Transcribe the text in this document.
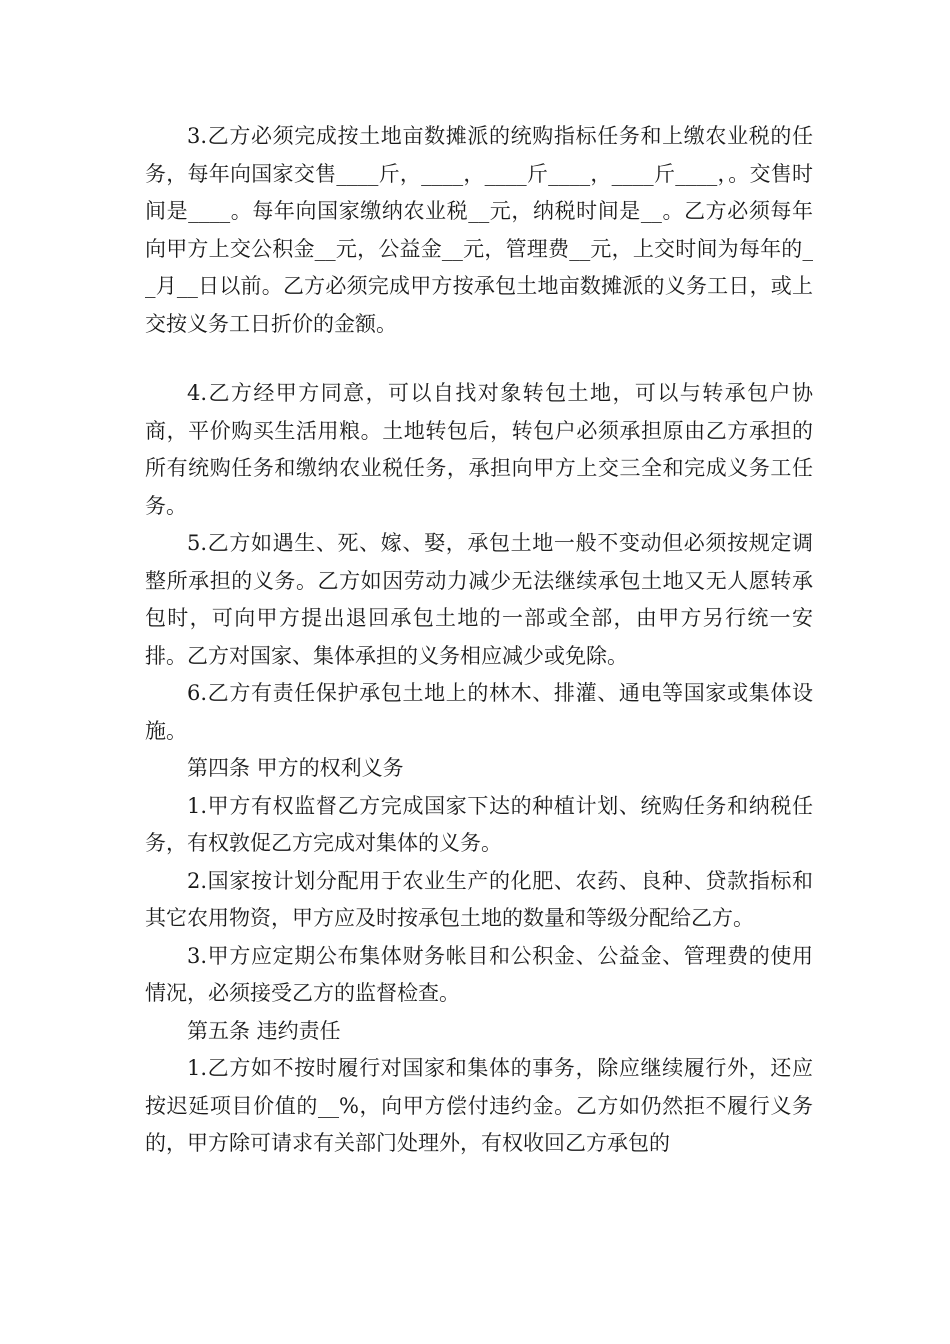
3.乙方必须完成按土地亩数摊派的统购指标任务和上缴农业税的任务，每年向国家交售____斤，____，____斤____，____斤____，。交售时间是____。每年向国家缴纳农业税__元，纳税时间是__。乙方必须每年向甲方上交公积金__元，公益金__元，管理费__元，上交时间为每年的__月__日以前。乙方必须完成甲方按承包土地亩数摊派的义务工日，或上交按义务工日折价的金额。

4.乙方经甲方同意，可以自找对象转包土地，可以与转承包户协商，平价购买生活用粮。土地转包后，转包户必须承担原由乙方承担的所有统购任务和缴纳农业税任务，承担向甲方上交三全和完成义务工任务。

5.乙方如遇生、死、嫁、娶，承包土地一般不变动但必须按规定调整所承担的义务。乙方如因劳动力减少无法继续承包土地又无人愿转承包时，可向甲方提出退回承包土地的一部或全部，由甲方另行统一安排。乙方对国家、集体承担的义务相应减少或免除。

6.乙方有责任保护承包土地上的林木、排灌、通电等国家或集体设施。

第四条 甲方的权利义务

1.甲方有权监督乙方完成国家下达的种植计划、统购任务和纳税任务，有权敦促乙方完成对集体的义务。

2.国家按计划分配用于农业生产的化肥、农药、良种、贷款指标和其它农用物资，甲方应及时按承包土地的数量和等级分配给乙方。

3.甲方应定期公布集体财务帐目和公积金、公益金、管理费的使用情况，必须接受乙方的监督检查。

第五条 违约责任

1.乙方如不按时履行对国家和集体的事务，除应继续履行外，还应按迟延项目价值的__%，向甲方偿付违约金。乙方如仍然拒不履行义务的，甲方除可请求有关部门处理外，有权收回乙方承包的
